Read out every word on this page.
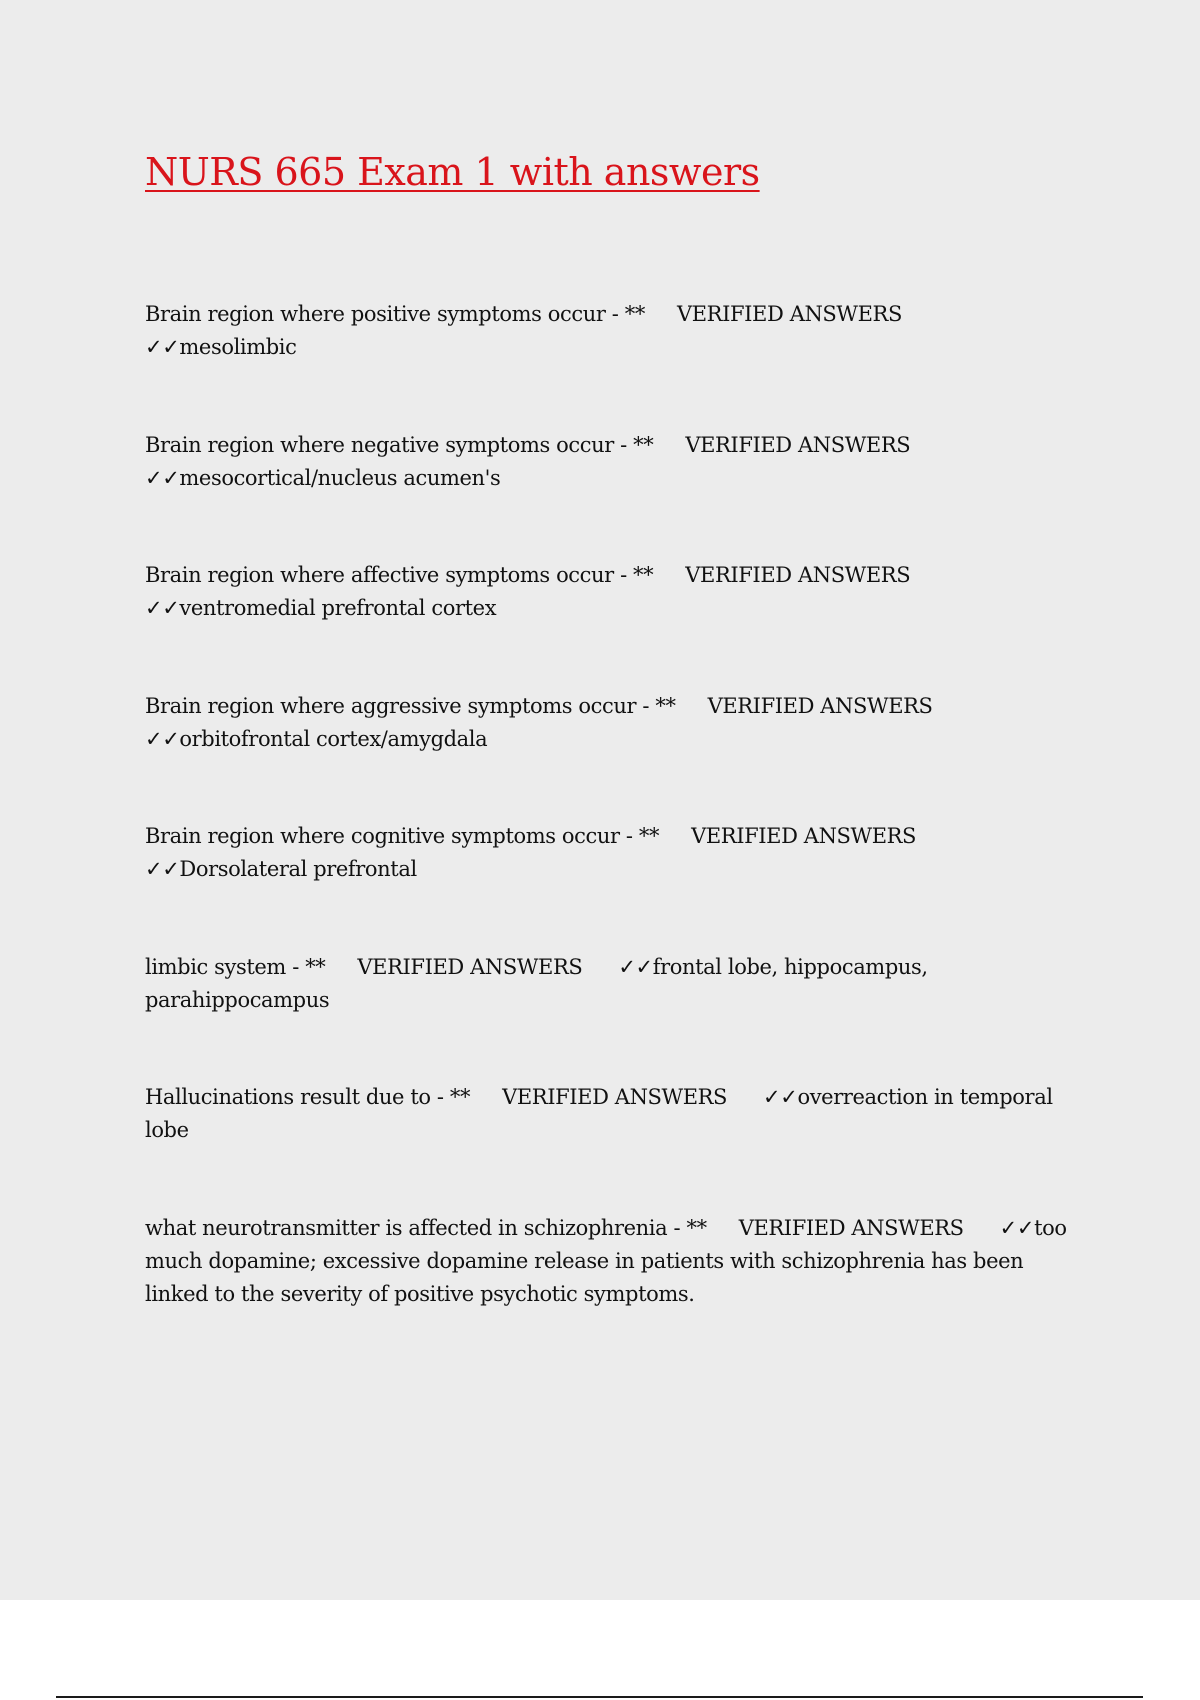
NURS 665 Exam 1 with answers
Brain region where positive symptoms occur - ** VERIFIED ANSWERS✓✓mesolimbic
Brain region where negative symptoms occur - ** VERIFIED ANSWERS✓✓mesocortical/nucleus acumen's
Brain region where affective symptoms occur - ** VERIFIED ANSWERS✓✓ventromedial prefrontal cortex
Brain region where aggressive symptoms occur - ** VERIFIED ANSWERS✓✓orbitofrontal cortex/amygdala
Brain region where cognitive symptoms occur - ** VERIFIED ANSWERS✓✓Dorsolateral prefrontal
limbic system - ** VERIFIED ANSWERS ✓✓frontal lobe, hippocampus, parahippocampus
Hallucinations result due to - ** VERIFIED ANSWERS ✓✓overreaction in temporal lobe
what neurotransmitter is affected in schizophrenia - ** VERIFIED ANSWERS ✓✓too much dopamine; excessive dopamine release in patients with schizophrenia has been linked to the severity of positive psychotic symptoms.
